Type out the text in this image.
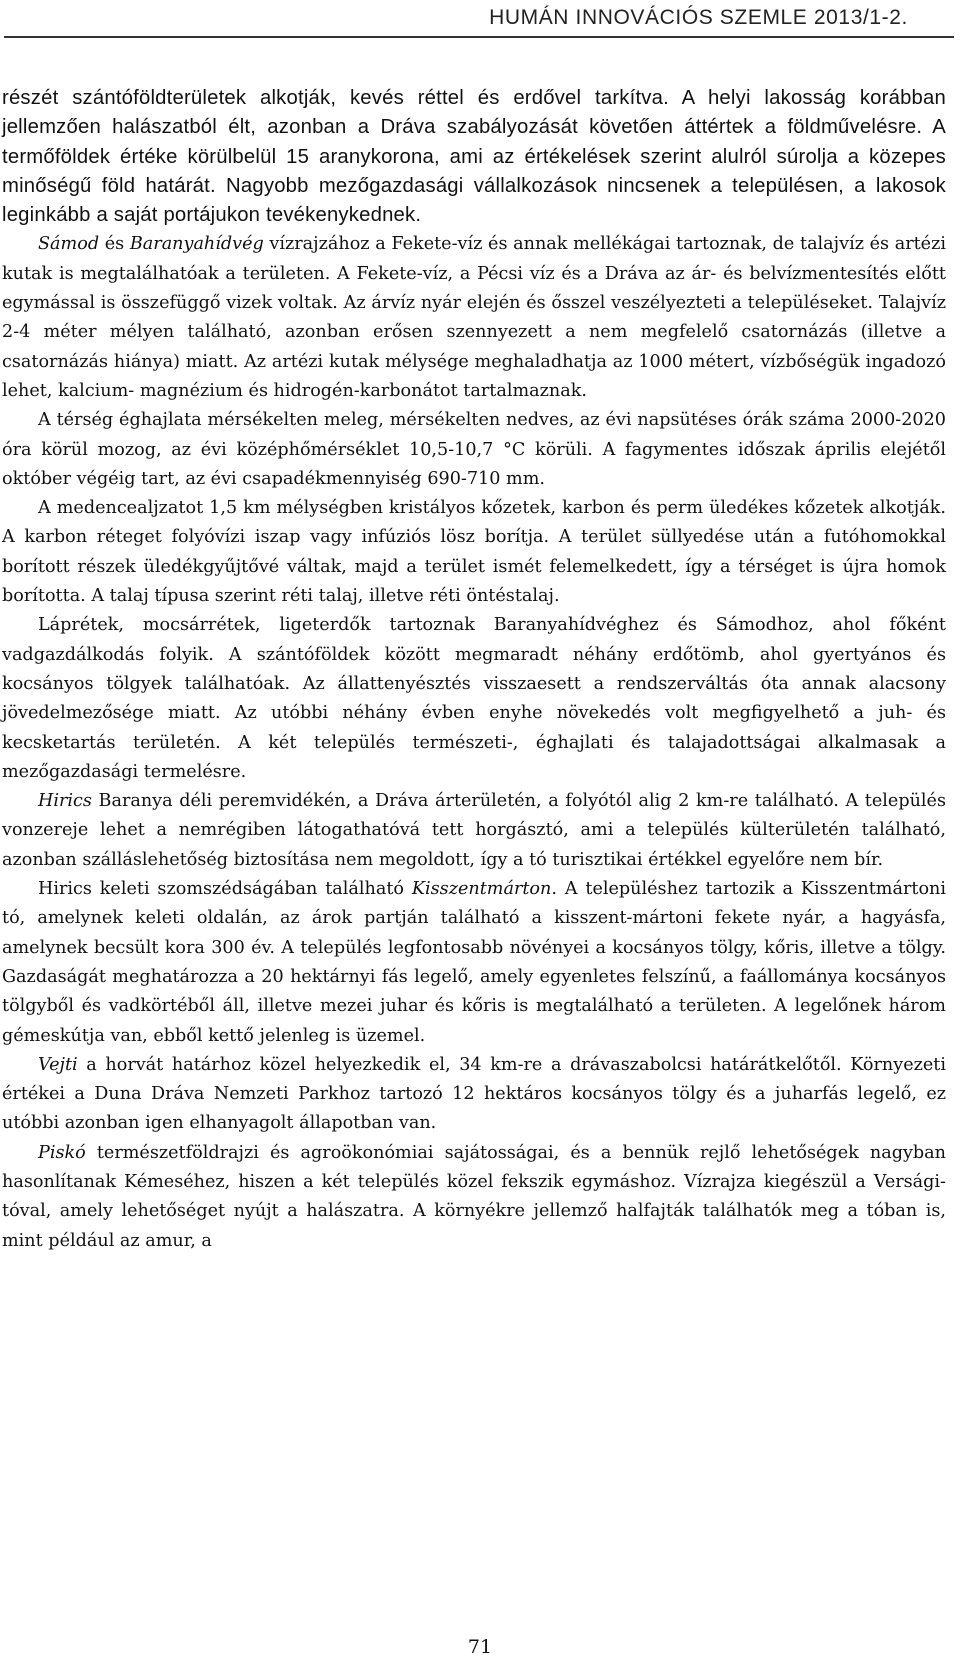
HUMÁN INNOVÁCIÓS SZEMLE 2013/1-2.

részét szántóföldterületek alkotják, kevés réttel és erdővel tarkítva. A helyi lakosság korábban jellemzően halászatból élt, azonban a Dráva szabályozását követően áttértek a földművelésre. A termőföldek értéke körülbelül 15 aranykorona, ami az értékelések szerint alulról súrolja a közepes minőségű föld határát. Nagyobb mezőgazdasági vállalkozások nincsenek a településen, a lakosok leginkább a saját portájukon tevékenykednek.

Sámod és Baranyahídvég vízrajzához a Fekete-víz és annak mellékágai tartoznak, de talajvíz és artézi kutak is megtalálhatóak a területen. A Fekete-víz, a Pécsi víz és a Dráva az ár- és belvízmentesítés előtt egymással is összefüggő vizek voltak. Az árvíz nyár elején és ősszel veszélyezteti a településeket. Talajvíz 2-4 méter mélyen található, azonban erősen szennyezett a nem megfelelő csatornázás (illetve a csatornázás hiánya) miatt. Az artézi kutak mélysége meghaladhatja az 1000 métert, vízbőségük ingadozó lehet, kalcium- magnézium és hidrogén-karbonátot tartalmaznak.

A térség éghajlata mérsékelten meleg, mérsékelten nedves, az évi napsütéses órák száma 2000-2020 óra körül mozog, az évi középhőmérséklet 10,5-10,7 °C körüli. A fagymentes időszak április elejétől október végéig tart, az évi csapadékmennyiség 690-710 mm.

A medencealjzatot 1,5 km mélységben kristályos kőzetek, karbon és perm üledékes kőzetek alkotják. A karbon réteget folyóvízi iszap vagy infúziós lösz borítja. A terület süllyedése után a futóhomokkal borított részek üledékgyűjtővé váltak, majd a terület ismét felemelkedett, így a térséget is újra homok borította. A talaj típusa szerint réti talaj, illetve réti öntéstalaj.

Láprétek, mocsárrétek, ligeterdők tartoznak Baranyahídvéghez és Sámodhoz, ahol főként vadgazdálkodás folyik. A szántóföldek között megmaradt néhány erdőtömb, ahol gyertyános és kocsányos tölgyek találhatóak. Az állattenyésztés visszaesett a rendszerváltás óta annak alacsony jövedelmezősége miatt. Az utóbbi néhány évben enyhe növekedés volt megfigyelhető a juh- és kecsketartás területén. A két település természeti-, éghajlati és talajadottságai alkalmasak a mezőgazdasági termelésre.

Hirics Baranya déli peremvidékén, a Dráva árterületén, a folyótól alig 2 km-re található. A település vonzereje lehet a nemrégiben látogathatóvá tett horgásztó, ami a település külterületén található, azonban szálláslehetőség biztosítása nem megoldott, így a tó turisztikai értékkel egyelőre nem bír.

Hirics keleti szomszédságában található Kisszentmárton. A településhez tartozik a Kisszentmártoni tó, amelynek keleti oldalán, az árok partján található a kisszent-mártoni fekete nyár, a hagyásfa, amelynek becsült kora 300 év. A település legfontosabb növényei a kocsányos tölgy, kőris, illetve a tölgy. Gazdaságát meghatározza a 20 hektárnyi fás legelő, amely egyenletes felszínű, a faállománya kocsányos tölgyből és vadkörtéből áll, illetve mezei juhar és kőris is megtalálható a területen. A legelőnek három gémeskútja van, ebből kettő jelenleg is üzemel.

Vejti a horvát határhoz közel helyezkedik el, 34 km-re a drávaszabolcsi határátkelőtől. Környezeti értékei a Duna Dráva Nemzeti Parkhoz tartozó 12 hektáros kocsányos tölgy és a juharfás legelő, ez utóbbi azonban igen elhanyagolt állapotban van.

Piskó természetföldrajzi és agroökonómiai sajátosságai, és a bennük rejlő lehetőségek nagyban hasonlítanak Kémeséhez, hiszen a két település közel fekszik egymáshoz. Vízrajza kiegészül a Versági-tóval, amely lehetőséget nyújt a halászatra. A környékre jellemző halfajták találhatók meg a tóban is, mint például az amur, a

71
